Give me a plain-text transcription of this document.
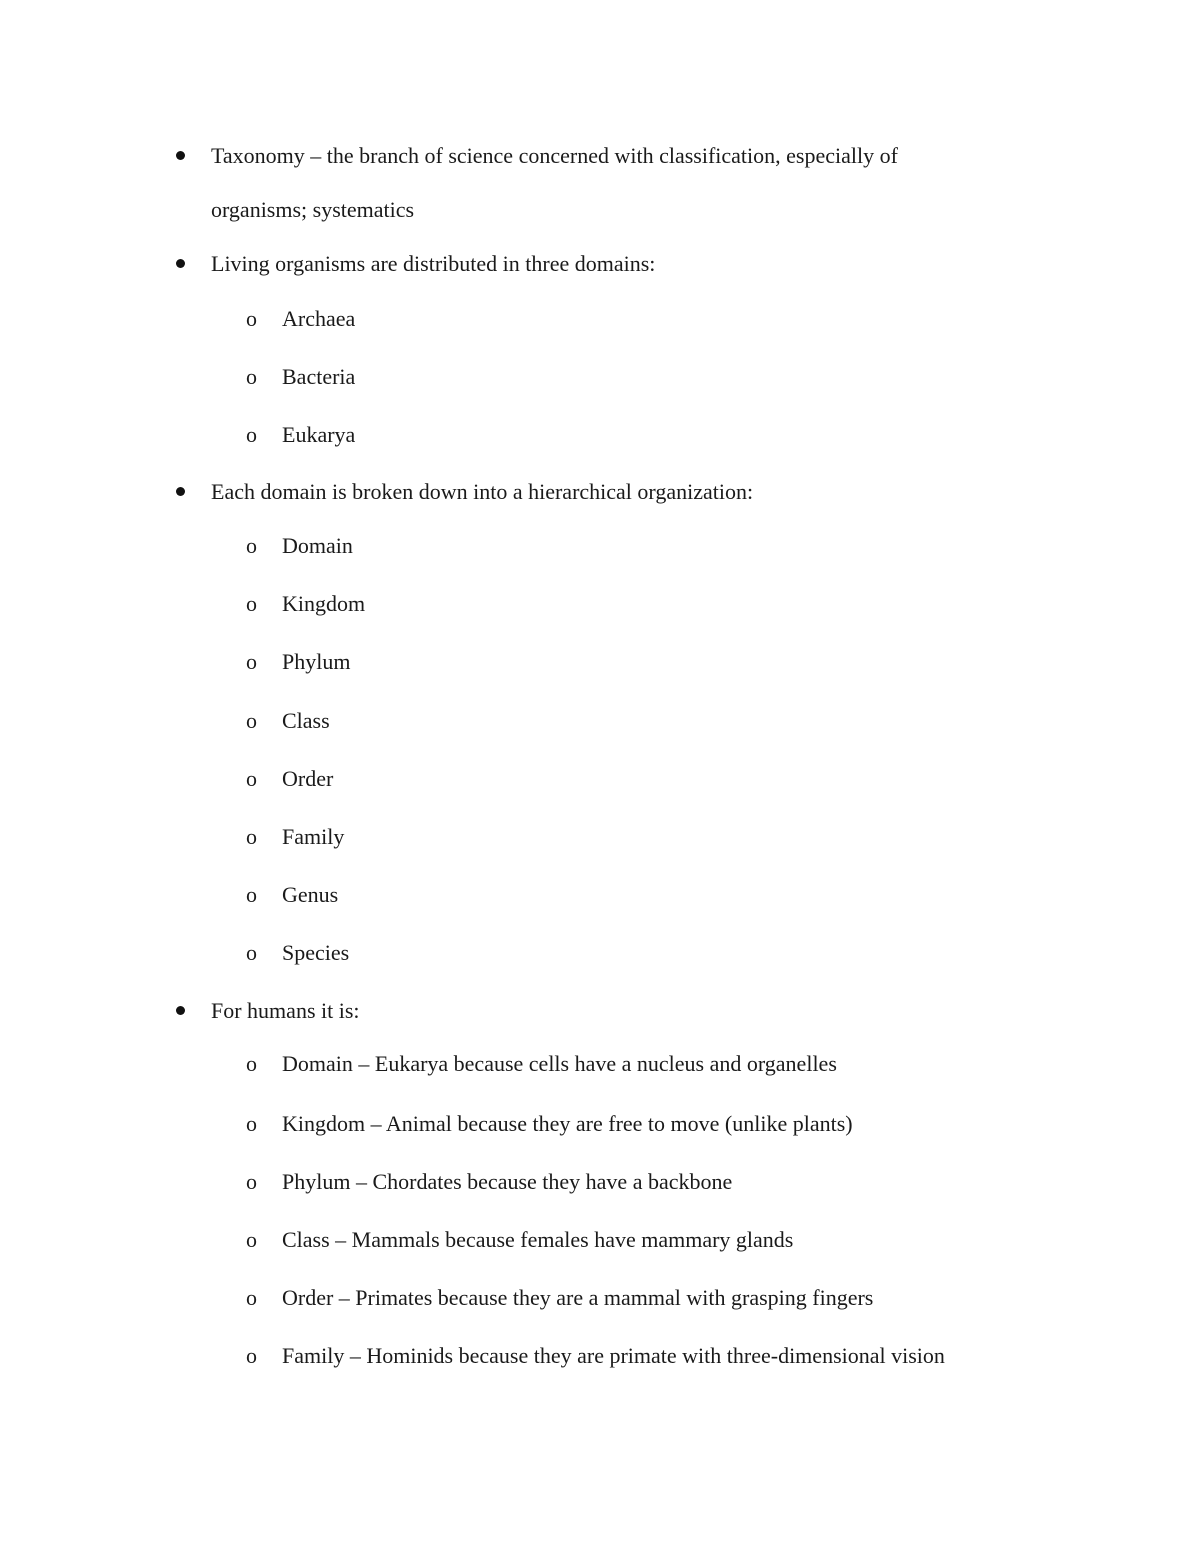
Taxonomy – the branch of science concerned with classification, especially of
organisms; systematics
Living organisms are distributed in three domains:
o Archaea
o Bacteria
o Eukarya
Each domain is broken down into a hierarchical organization:
o Domain
o Kingdom
o Phylum
o Class
o Order
o Family
o Genus
o Species
For humans it is:
o Domain – Eukarya because cells have a nucleus and organelles
o Kingdom – Animal because they are free to move (unlike plants)
o Phylum – Chordates because they have a backbone
o Class – Mammals because females have mammary glands
o Order – Primates because they are a mammal with grasping fingers
o Family – Hominids because they are primate with three-dimensional vision
